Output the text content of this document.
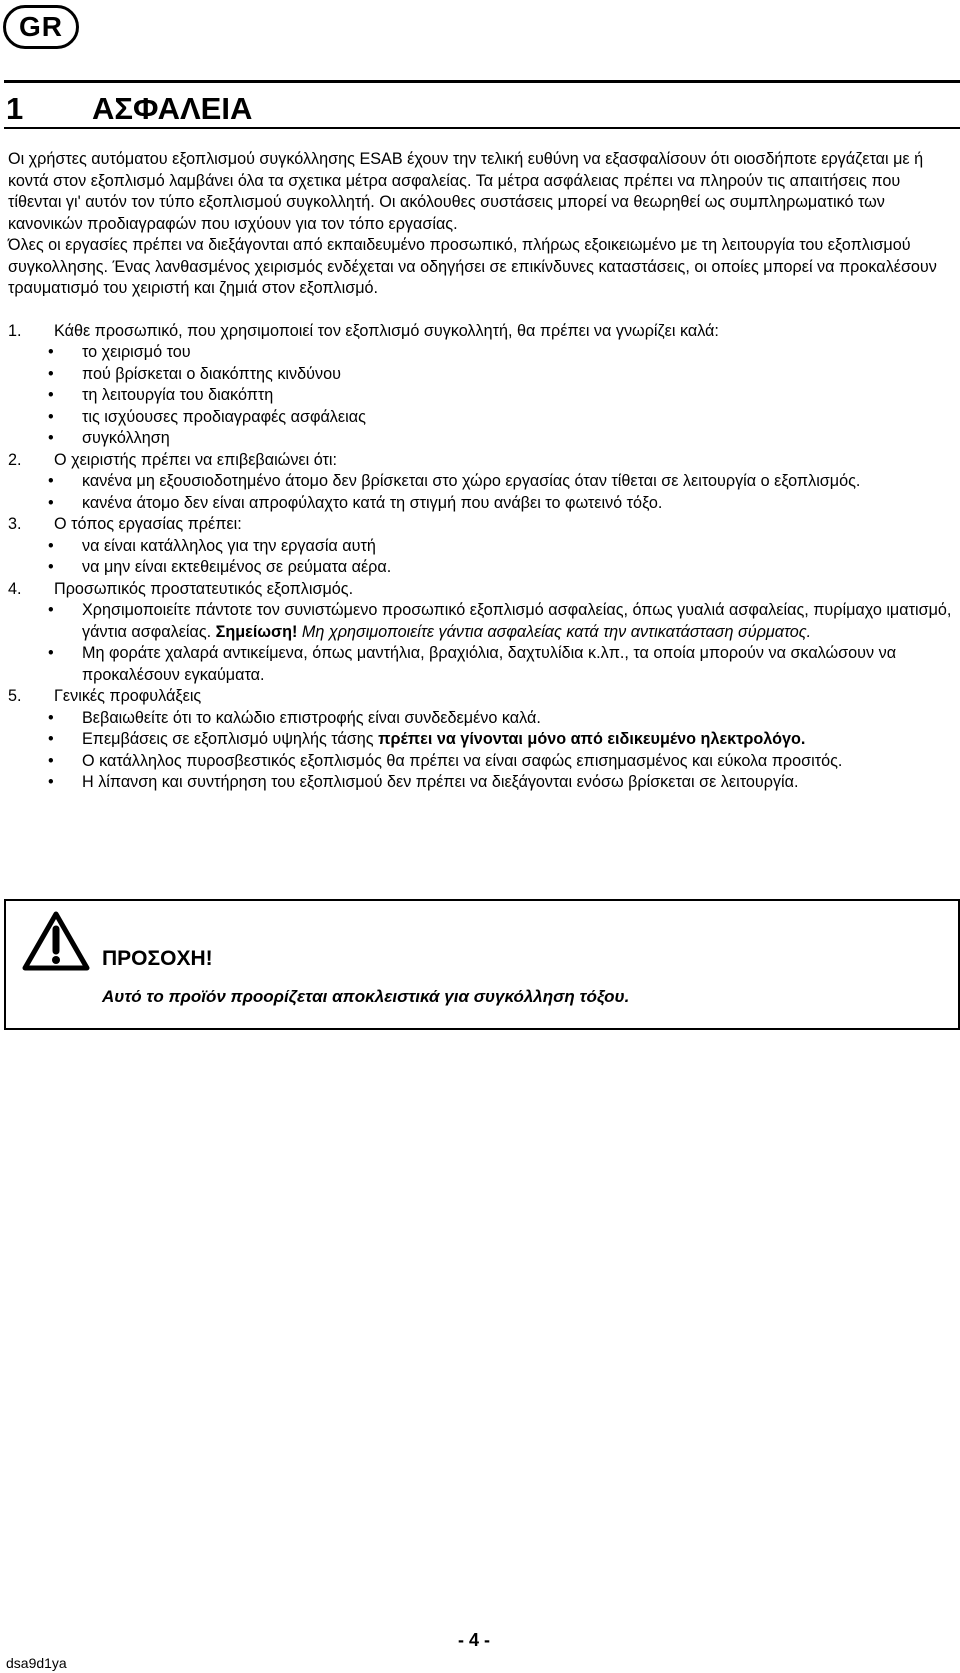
GR
1 ΑΣΦΑΛΕΙΑ

Οι χρήστες αυτόματου εξοπλισμού συγκόλλησης ESAB έχουν την τελική ευθύνη να εξασφαλίσουν ότι οιοσδήποτε εργάζεται με ή κοντά στον εξοπλισμό λαμβάνει όλα τα σχετικα μέτρα ασφαλείας. Τα μέτρα ασφάλειας πρέπει να πληρούν τις απαιτήσεις που τίθενται γι' αυτόν τον τύπο εξοπλισμού συγκολλητή. Οι ακόλουθες συστάσεις μπορεί να θεωρηθεί ως συμπληρωματικό των κανονικών προδιαγραφών που ισχύουν για τον τόπο εργασίας.

Όλες οι εργασίες πρέπει να διεξάγονται από εκπαιδευμένο προσωπικό, πλήρως εξοικειωμένο με τη λειτουργία του εξοπλισμού συγκολλησης. Ένας λανθασμένος χειρισμός ενδέχεται να οδηγήσει σε επικίνδυνες καταστάσεις, οι οποίες μπορεί να προκαλέσουν τραυματισμό του χειριστή και ζημιά στον εξοπλισμό.

1.	Κάθε προσωπικό, που χρησιμοποιεί τον εξοπλισμό συγκολλητή, θα πρέπει να γνωρίζει καλά:
•	το χειρισμό του
•	πού βρίσκεται ο διακόπτης κινδύνου
•	τη λειτουργία του διακόπτη
•	τις ισχύουσες προδιαγραφές ασφάλειας
•	συγκόλληση
2.	Ο χειριστής πρέπει να επιβεβαιώνει ότι:
•	κανένα μη εξουσιοδοτημένο άτομο δεν βρίσκεται στο χώρο εργασίας όταν τίθεται σε λειτουργία ο εξοπλισμός.
•	κανένα άτομο δεν είναι απροφύλαχτο κατά τη στιγμή που ανάβει το φωτεινό τόξο.
3.	Ο τόπος εργασίας πρέπει:
•	να είναι κατάλληλος για την εργασία αυτή
•	να μην είναι εκτεθειμένος σε ρεύματα αέρα.
4.	Προσωπικός προστατευτικός εξοπλισμός.
•	Χρησιμοποιείτε πάντοτε τον συνιστώμενο προσωπικό εξοπλισμό ασφαλείας, όπως γυαλιά ασφαλείας, πυρίμαχο ιματισμό, γάντια ασφαλείας. Σημείωση! Μη χρησιμοποιείτε γάντια ασφαλείας κατά την αντικατάσταση σύρματος.
•	Μη φοράτε χαλαρά αντικείμενα, όπως μαντήλια, βραχιόλια, δαχτυλίδια κ.λπ., τα οποία μπορούν να σκαλώσουν να προκαλέσουν εγκαύματα.
5.	Γενικές προφυλάξεις
•	Βεβαιωθείτε ότι το καλώδιο επιστροφής είναι συνδεδεμένο καλά.
•	Επεμβάσεις σε εξοπλισμό υψηλής τάσης πρέπει να γίνονται μόνο από ειδικευμένο ηλεκτρολόγο.
•	Ο κατάλληλος πυροσβεστικός εξοπλισμός θα πρέπει να είναι σαφώς επισημασμένος και εύκολα προσιτός.
•	Η λίπανση και συντήρηση του εξοπλισμού δεν πρέπει να διεξάγονται ενόσω βρίσκεται σε λειτουργία.
ΠΡΟΣΟΧΗ!
Αυτό το προϊόν προορίζεται αποκλειστικά για συγκόλληση τόξου.
- 4 -
dsa9d1ya
